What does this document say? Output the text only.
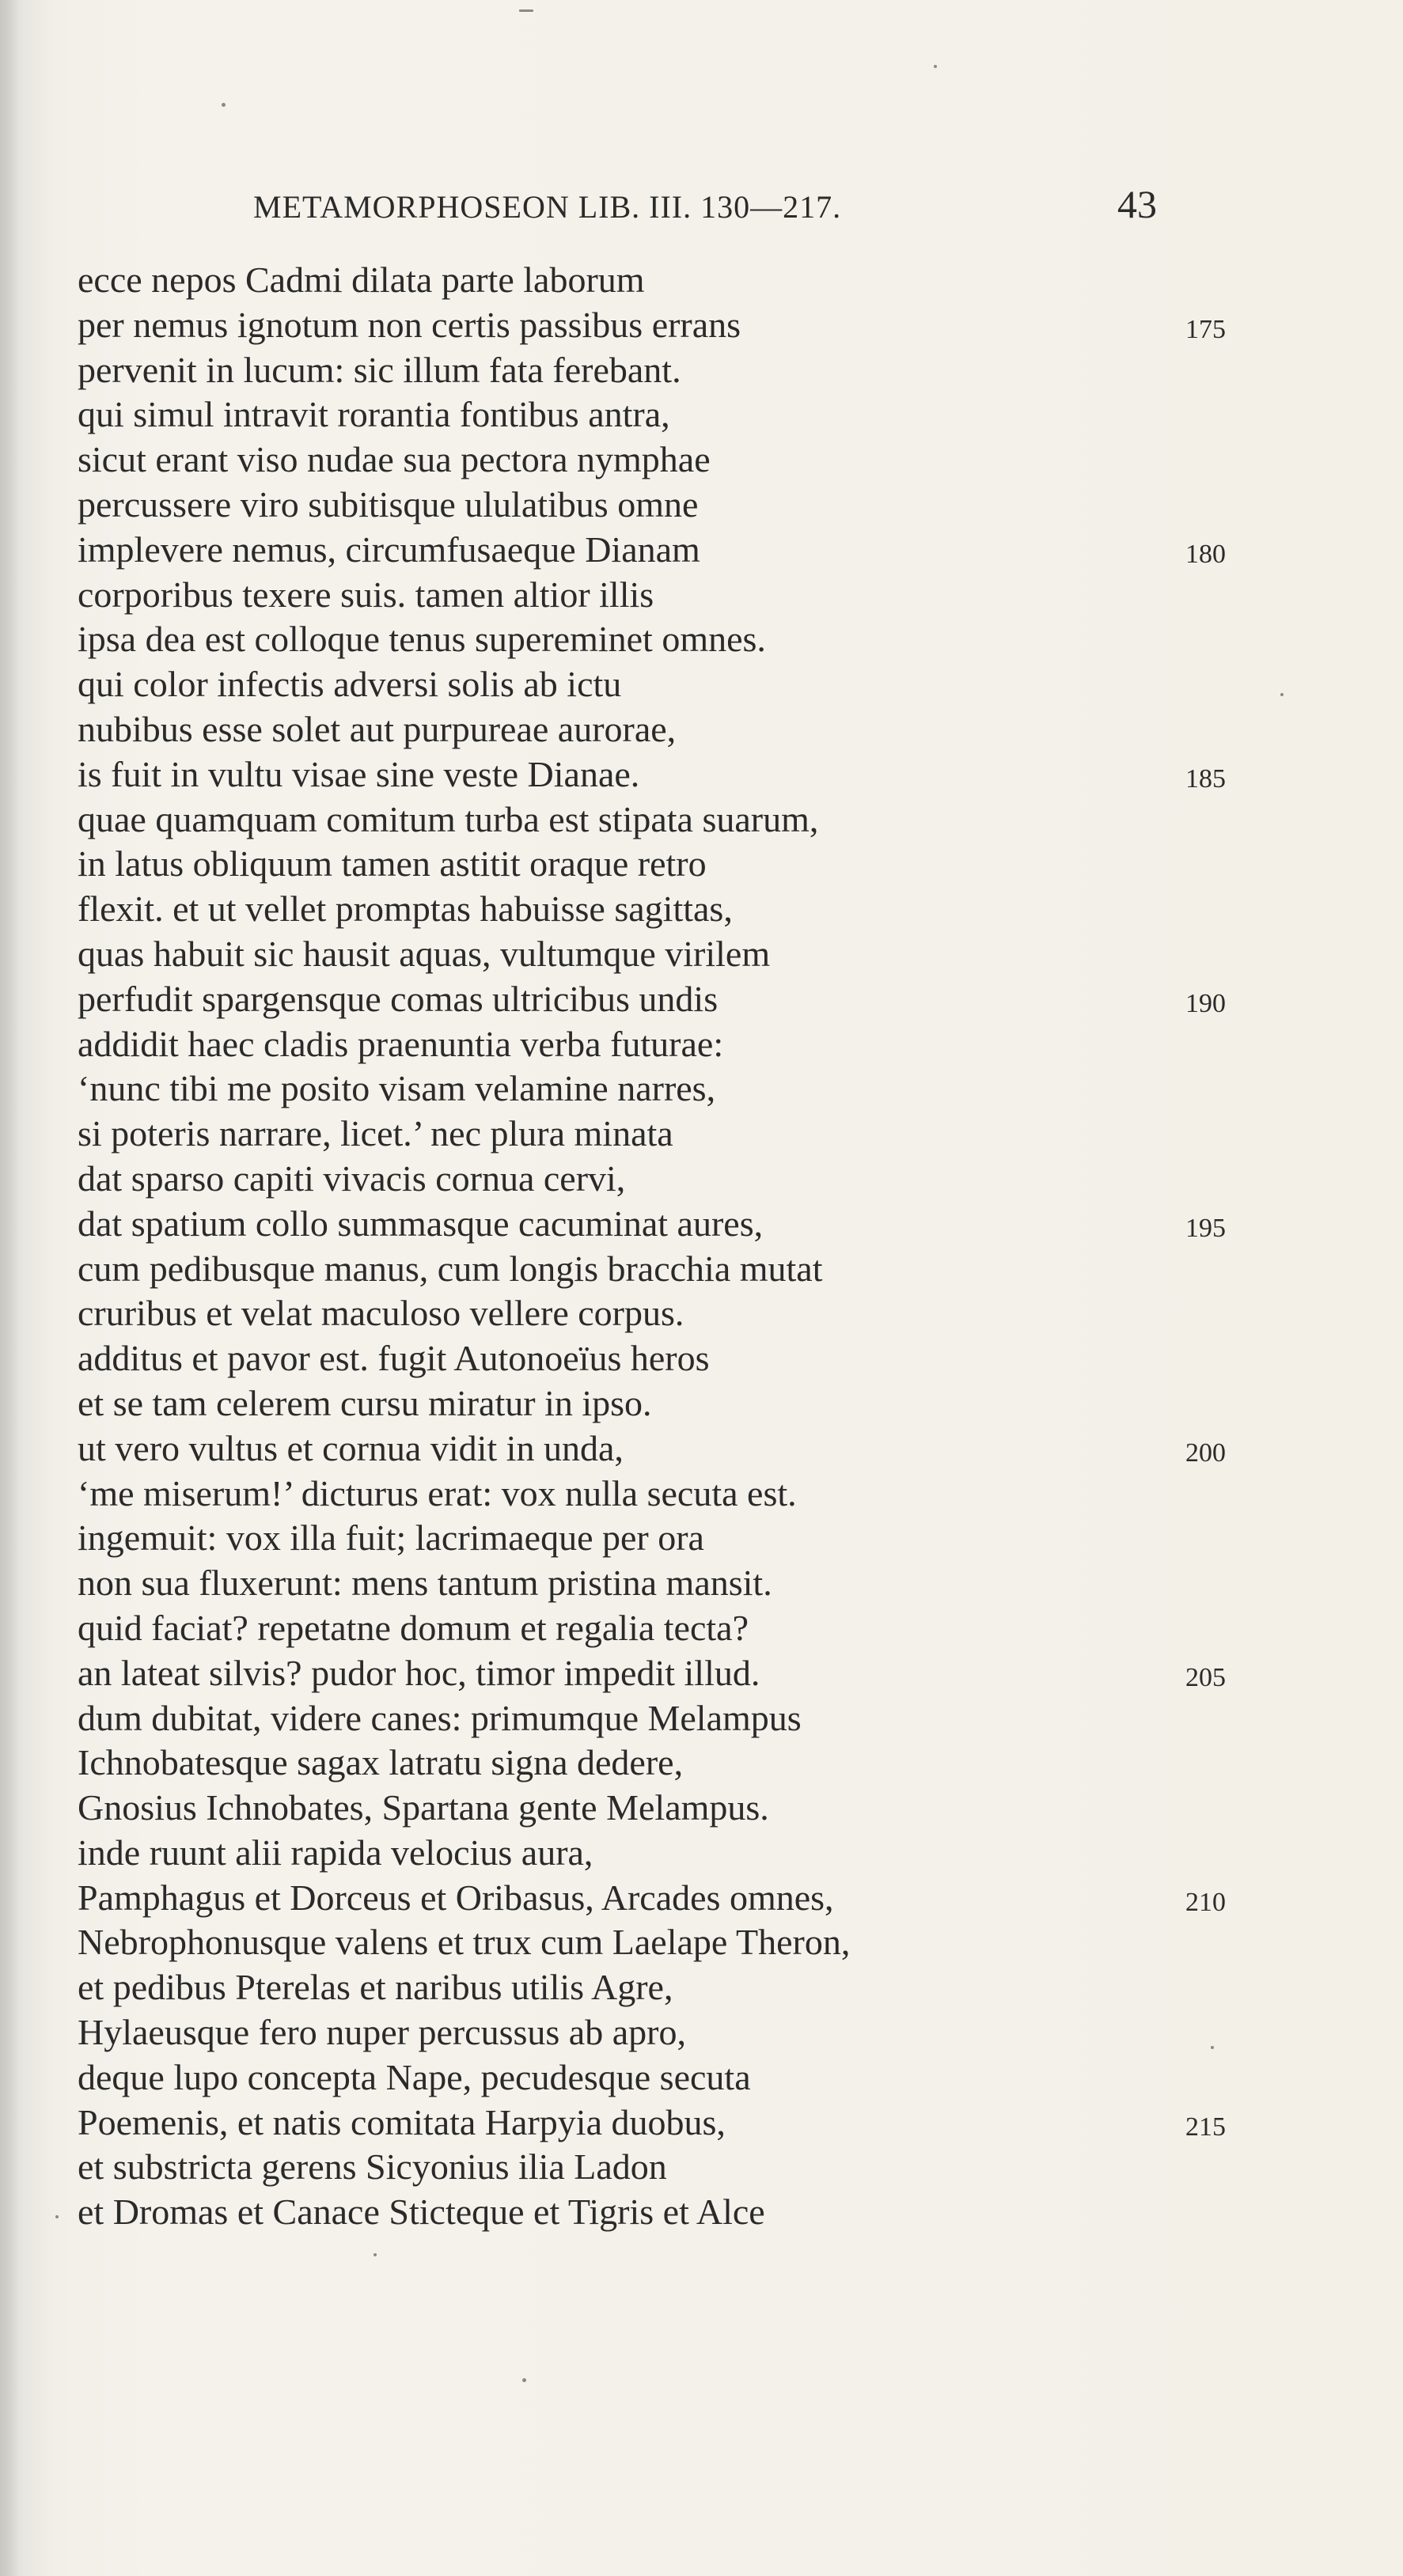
METAMORPHOSEON LIB. III. 130—217.	43
ecce nepos Cadmi dilata parte laborum
per nemus ignotum non certis passibus errans	175
pervenit in lucum: sic illum fata ferebant.
qui simul intravit rorantia fontibus antra,
sicut erant viso nudae sua pectora nymphae
percussere viro subitisque ululatibus omne
implevere nemus, circumfusaeque Dianam	180
corporibus texere suis. tamen altior illis
ipsa dea est colloque tenus supereminet omnes.
qui color infectis adversi solis ab ictu
nubibus esse solet aut purpureae aurorae,
is fuit in vultu visae sine veste Dianae.	185
quae quamquam comitum turba est stipata suarum,
in latus obliquum tamen astitit oraque retro
flexit. et ut vellet promptas habuisse sagittas,
quas habuit sic hausit aquas, vultumque virilem
perfudit spargensque comas ultricibus undis	190
addidit haec cladis praenuntia verba futurae:
‘nunc tibi me posito visam velamine narres,
si poteris narrare, licet.’ nec plura minata
dat sparso capiti vivacis cornua cervi,
dat spatium collo summasque cacuminat aures,	195
cum pedibusque manus, cum longis bracchia mutat
cruribus et velat maculoso vellere corpus.
additus et pavor est. fugit Autonoeïus heros
et se tam celerem cursu miratur in ipso.
ut vero vultus et cornua vidit in unda,	200
‘me miserum!’ dicturus erat: vox nulla secuta est.
ingemuit: vox illa fuit; lacrimaeque per ora
non sua fluxerunt: mens tantum pristina mansit.
quid faciat? repetatne domum et regalia tecta?
an lateat silvis? pudor hoc, timor impedit illud.	205
dum dubitat, videre canes: primumque Melampus
Ichnobatesque sagax latratu signa dedere,
Gnosius Ichnobates, Spartana gente Melampus.
inde ruunt alii rapida velocius aura,
Pamphagus et Dorceus et Oribasus, Arcades omnes,	210
Nebrophonusque valens et trux cum Laelape Theron,
et pedibus Pterelas et naribus utilis Agre,
Hylaeusque fero nuper percussus ab apro,
deque lupo concepta Nape, pecudesque secuta
Poemenis, et natis comitata Harpyia duobus,	215
et substricta gerens Sicyonius ilia Ladon
et Dromas et Canace Sticteque et Tigris et Alce
